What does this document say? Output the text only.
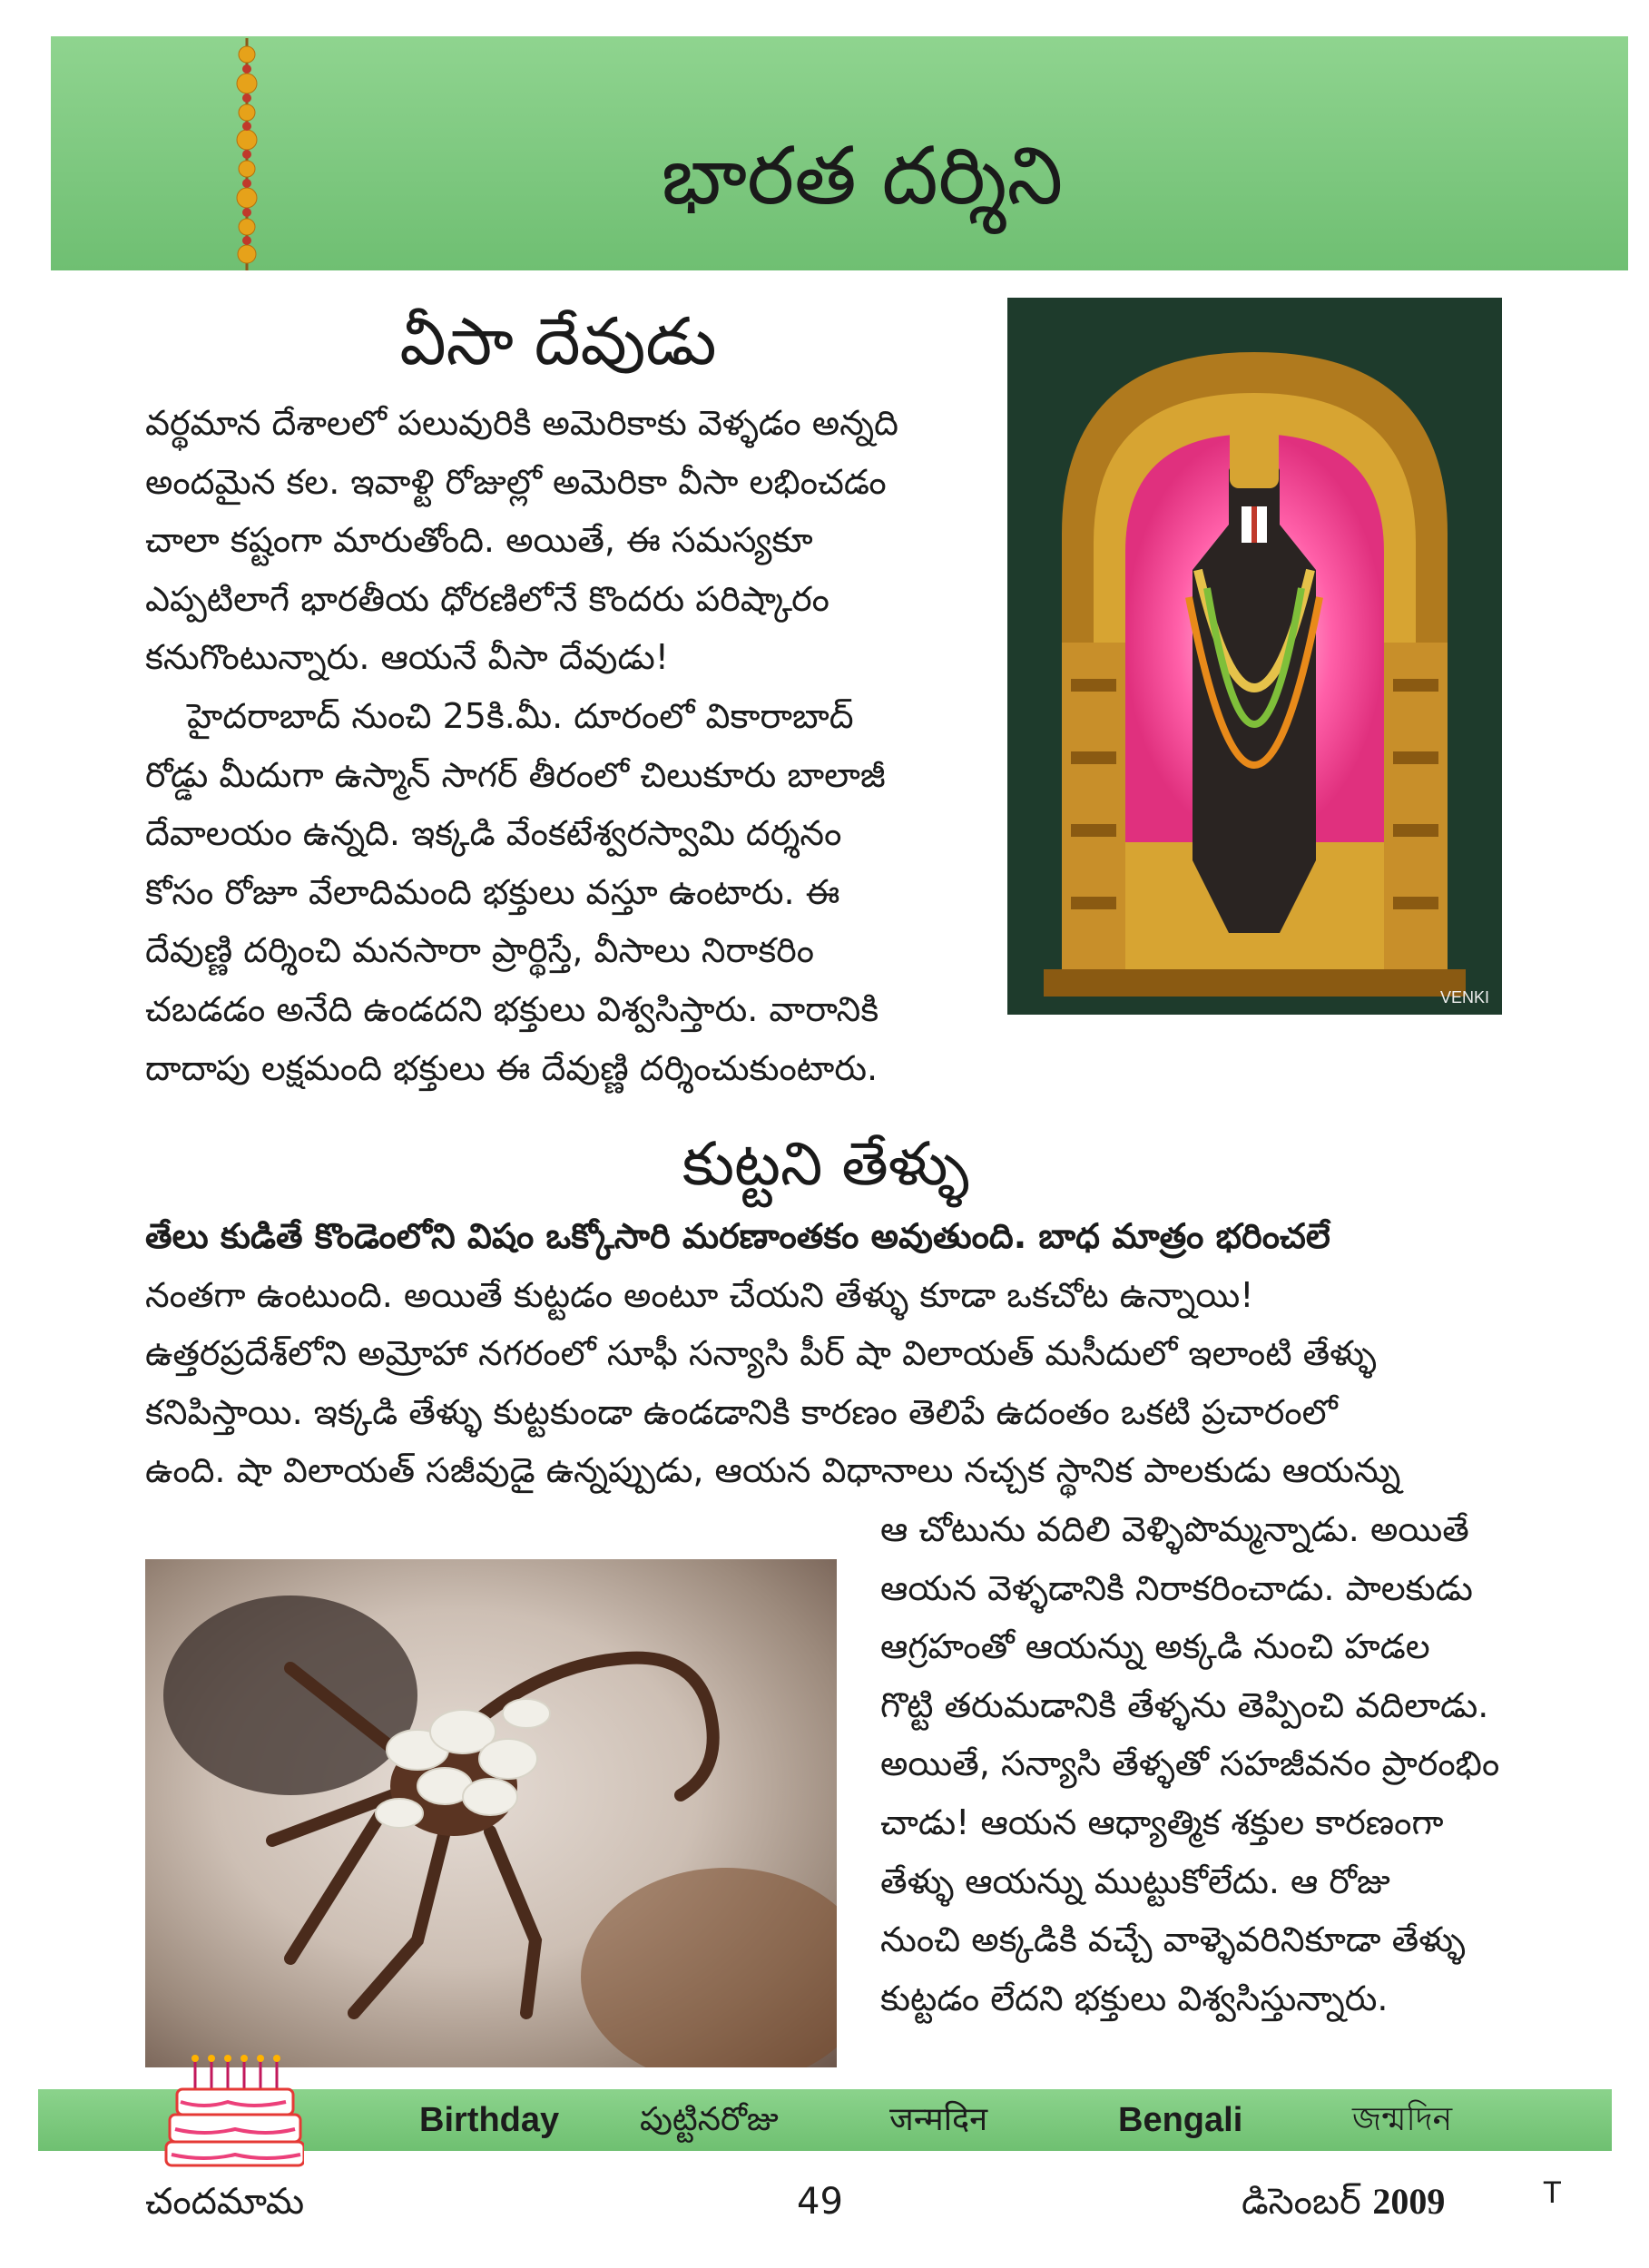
భారత దర్శిని
వీసా దేవుడు
వర్థమాన దేశాలలో పలువురికి అమెరికాకు వెళ్ళడం అన్నది
అందమైన కల. ఇవాళ్టి రోజుల్లో అమెరికా వీసా లభించడం
చాలా కష్టంగా మారుతోంది. అయితే, ఈ సమస్యకూ
ఎప్పటిలాగే భారతీయ ధోరణిలోనే కొందరు పరిష్కారం
కనుగొంటున్నారు. ఆయనే వీసా దేవుడు!
హైదరాబాద్ నుంచి 25కి.మీ. దూరంలో వికారాబాద్
రోడ్డు మీదుగా ఉస్మాన్ సాగర్ తీరంలో చిలుకూరు బాలాజీ
దేవాలయం ఉన్నది. ఇక్కడి వేంకటేశ్వరస్వామి దర్శనం
కోసం రోజూ వేలాదిమంది భక్తులు వస్తూ ఉంటారు. ఈ
దేవుణ్ణి దర్శించి మనసారా ప్రార్థిస్తే, వీసాలు నిరాకరిం
చబడడం అనేది ఉండదని భక్తులు విశ్వసిస్తారు. వారానికి
దాదాపు లక్షమంది భక్తులు ఈ దేవుణ్ణి దర్శించుకుంటారు.
VENKI
కుట్టని తేళ్ళు
తేలు కుడితే కొండెంలోని విషం ఒక్కోసారి మరణాంతకం అవుతుంది. బాధ మాత్రం భరించలే
నంతగా ఉంటుంది. అయితే కుట్టడం అంటూ చేయని తేళ్ళు కూడా ఒకచోట ఉన్నాయి!
ఉత్తరప్రదేశ్‌లోని అమ్రోహా నగరంలో సూఫీ సన్యాసి పీర్ షా విలాయత్ మసీదులో ఇలాంటి తేళ్ళు
కనిపిస్తాయి. ఇక్కడి తేళ్ళు కుట్టకుండా ఉండడానికి కారణం తెలిపే ఉదంతం ఒకటి ప్రచారంలో
ఉంది. షా విలాయత్ సజీవుడై ఉన్నప్పుడు, ఆయన విధానాలు నచ్చక స్థానిక పాలకుడు ఆయన్ను
ఆ చోటును వదిలి వెళ్ళిపొమ్మన్నాడు. అయితే
ఆయన వెళ్ళడానికి నిరాకరించాడు. పాలకుడు
ఆగ్రహంతో ఆయన్ను అక్కడి నుంచి హడల
గొట్టి తరుమడానికి తేళ్ళను తెప్పించి వదిలాడు.
అయితే, సన్యాసి తేళ్ళతో సహజీవనం ప్రారంభిం
చాడు! ఆయన ఆధ్యాత్మిక శక్తుల కారణంగా
తేళ్ళు ఆయన్ను ముట్టుకోలేదు. ఆ రోజు
నుంచి అక్కడికి వచ్చే వాళ్ళెవరినికూడా తేళ్ళు
కుట్టడం లేదని భక్తులు విశ్వసిస్తున్నారు.
Birthday పుట్టినరోజు	जन्मदिन	Bengali	জন্মদিন
చందమామ	49	డిసెంబర్ 2009	T
